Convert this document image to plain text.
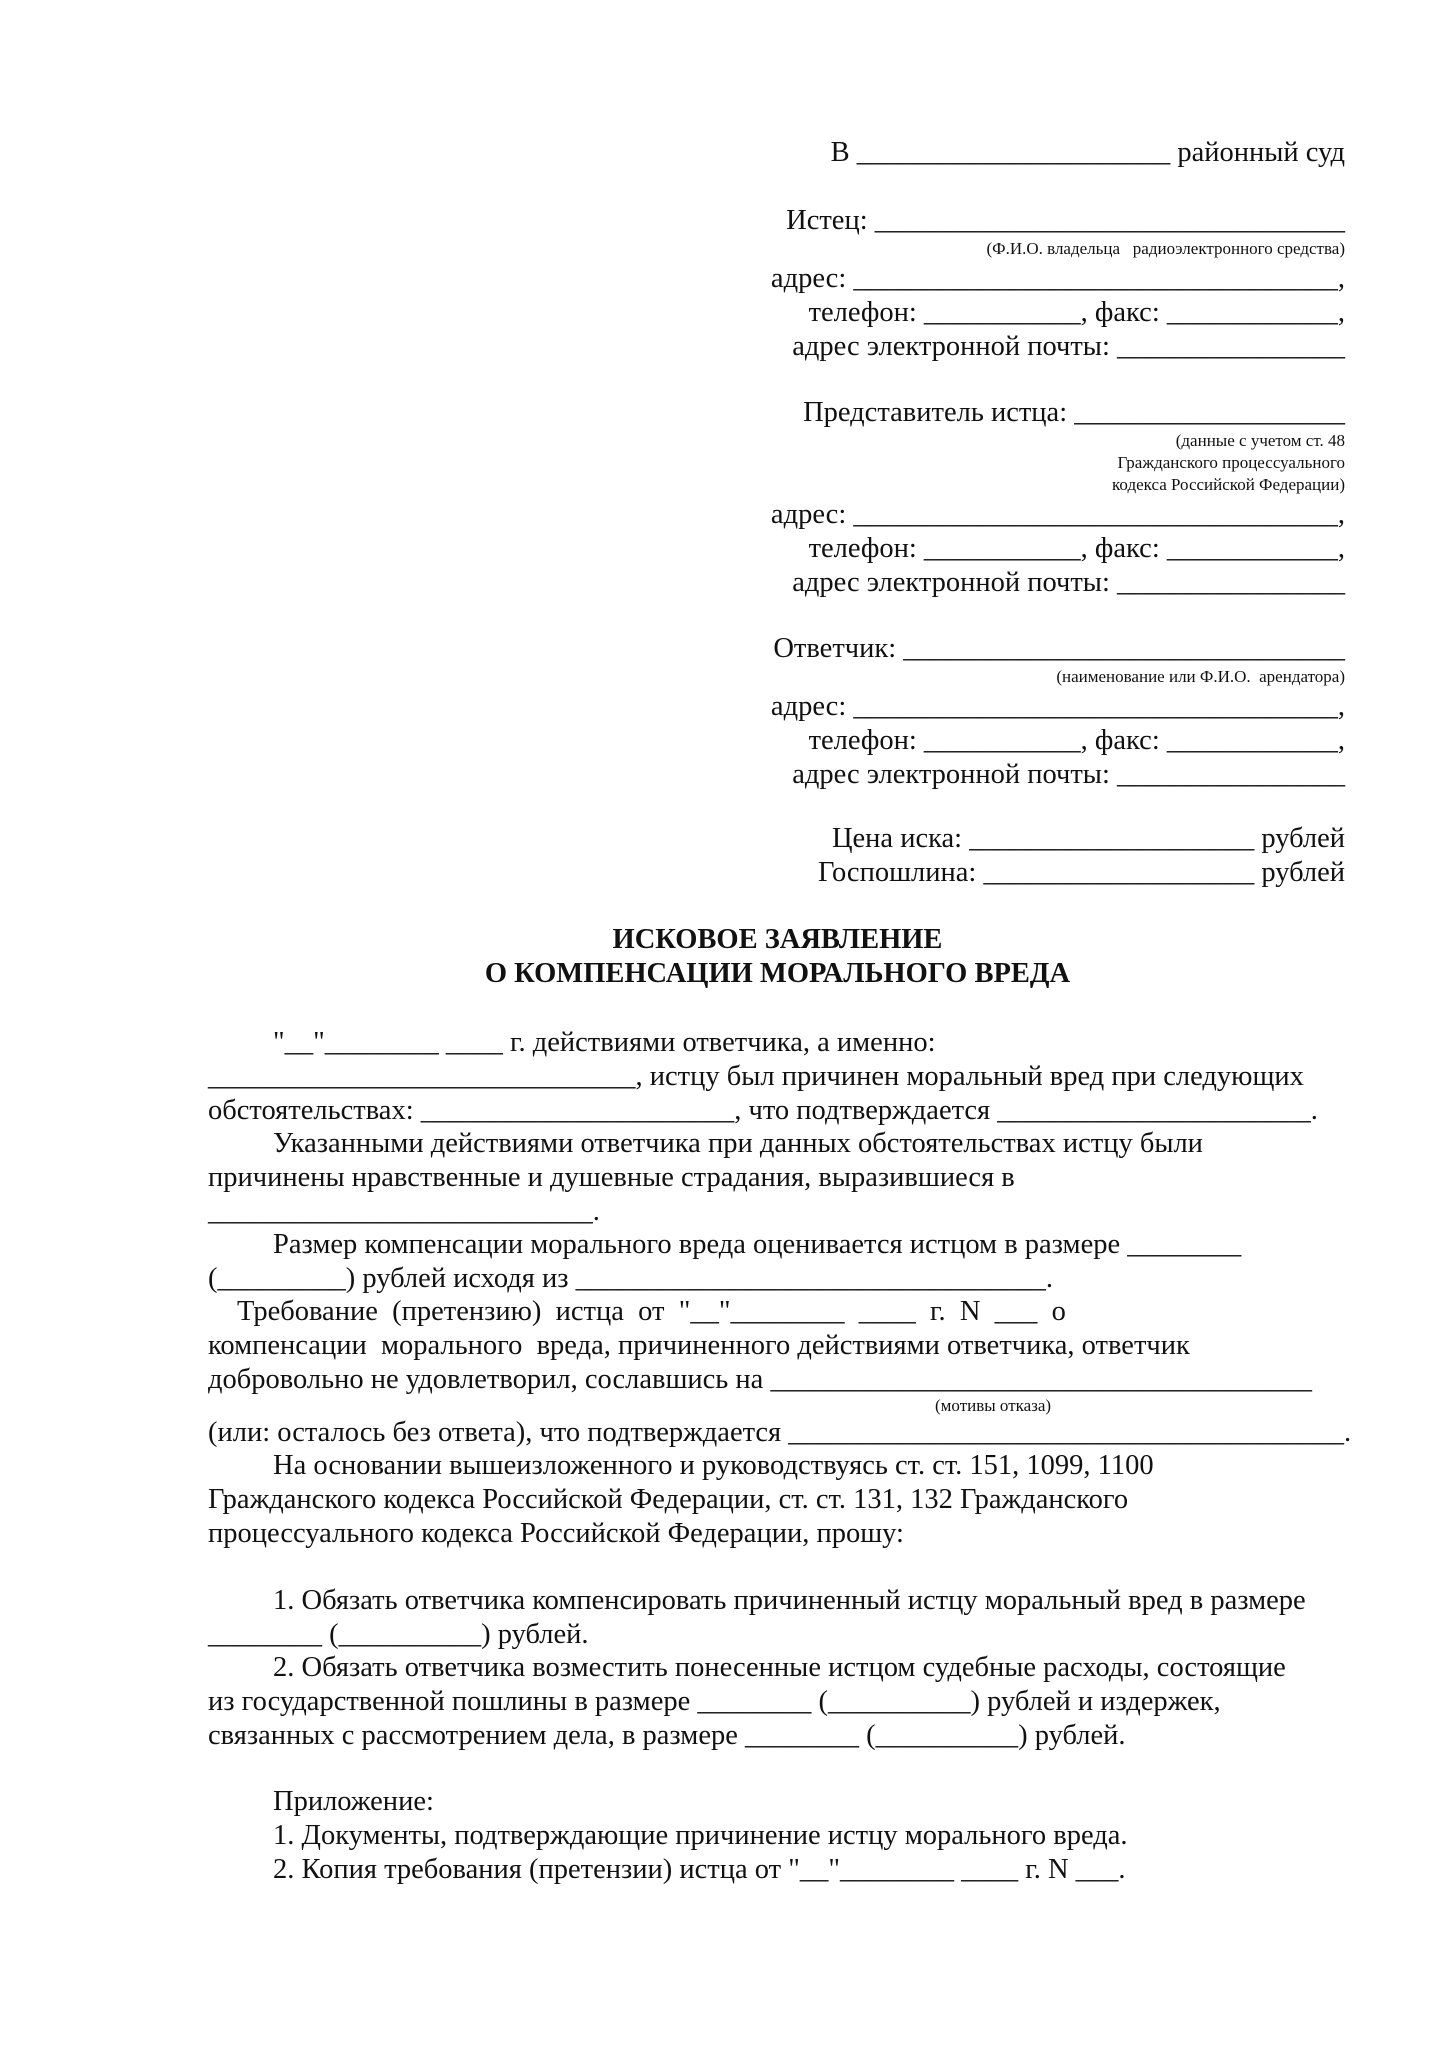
В ______________________ районный суд

Истец: _________________________________

(Ф.И.О. владельца   радиоэлектронного средства)

адрес: __________________________________,

телефон: ___________, факс: ____________,

адрес электронной почты: ________________

Представитель истца: ___________________

(данные с учетом ст. 48

Гражданского процессуального

кодекса Российской Федерации)

адрес: __________________________________,

телефон: ___________, факс: ____________,

адрес электронной почты: ________________

Ответчик: _______________________________

(наименование или Ф.И.О.  арендатора)

адрес: __________________________________,

телефон: ___________, факс: ____________,

адрес электронной почты: ________________

Цена иска: ____________________ рублей

Госпошлина: ___________________ рублей

ИСКОВОЕ ЗАЯВЛЕНИЕ

О КОМПЕНСАЦИИ МОРАЛЬНОГО ВРЕДА

"__"________ ____ г. действиями ответчика, а именно:

______________________________, истцу был причинен моральный вред при следующих

обстоятельствах: ______________________, что подтверждается ______________________.

Указанными действиями ответчика при данных обстоятельствах истцу были

причинены нравственные и душевные страдания, выразившиеся в

___________________________.

Размер компенсации морального вреда оценивается истцом в размере ________

(_________) рублей исходя из _________________________________.

Требование  (претензию)  истца  от  "__"________  ____  г.  N  ___  о

компенсации  морального  вреда, причиненного действиями ответчика, ответчик

добровольно не удовлетворил, сославшись на ______________________________________

(мотивы отказа)

(или: осталось без ответа), что подтверждается _______________________________________.

На основании вышеизложенного и руководствуясь ст. ст. 151, 1099, 1100

Гражданского кодекса Российской Федерации, ст. ст. 131, 132 Гражданского

процессуального кодекса Российской Федерации, прошу:

1. Обязать ответчика компенсировать причиненный истцу моральный вред в размере

________ (__________) рублей.

2. Обязать ответчика возместить понесенные истцом судебные расходы, состоящие

из государственной пошлины в размере ________ (__________) рублей и издержек,

связанных с рассмотрением дела, в размере ________ (__________) рублей.

Приложение:

1. Документы, подтверждающие причинение истцу морального вреда.

2. Копия требования (претензии) истца от "__"________ ____ г. N ___.
